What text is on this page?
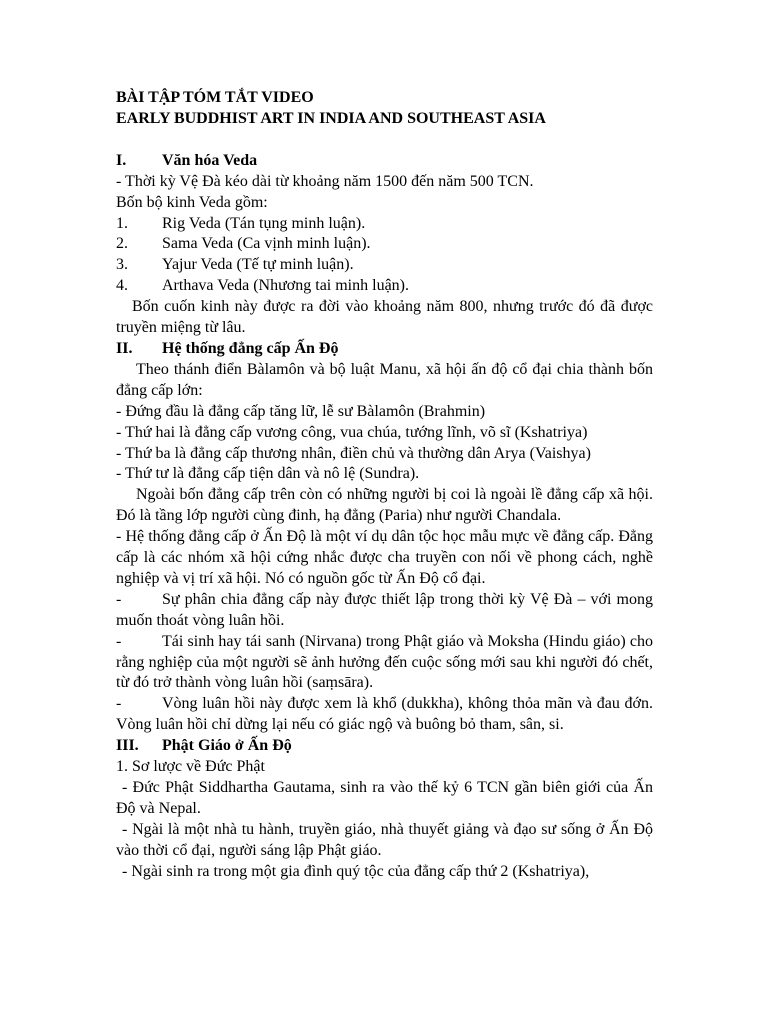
BÀI TẬP TÓM TẮT VIDEO

EARLY BUDDHIST ART IN INDIA AND SOUTHEAST ASIA

I.	Văn hóa Veda

- Thời kỳ Vệ Đà kéo dài từ khoảng năm 1500 đến năm 500 TCN.

Bốn bộ kinh Veda gồm:

1.	Rig Veda (Tán tụng minh luận).
2.	Sama Veda (Ca vịnh minh luận).
3.	Yajur Veda (Tế tự minh luận).
4.	Arthava Veda (Nhương tai minh luận).

Bốn cuốn kinh này được ra đời vào khoảng năm 800, nhưng trước đó đã được truyền miệng từ lâu.

II.	Hệ thống đẳng cấp Ấn Độ

Theo thánh điển Bàlamôn và bộ luật Manu, xã hội ấn độ cổ đại chia thành bốn đẳng cấp lớn:

- Đứng đầu là đẳng cấp tăng lữ, lễ sư Bàlamôn (Brahmin)

- Thứ hai là đẳng cấp vương công, vua chúa, tướng lĩnh, võ sĩ (Kshatriya)

- Thứ ba là đẳng cấp thương nhân, điền chủ và thường dân Arya (Vaishya)

- Thứ tư là đẳng cấp tiện dân và nô lệ (Sundra).

Ngoài bốn đẳng cấp trên còn có những người bị coi là ngoài lề đẳng cấp xã hội. Đó là tầng lớp người cùng đinh, hạ đẳng (Paria) như người Chandala.

- Hệ thống đẳng cấp ở Ấn Độ là một ví dụ dân tộc học mẫu mực về đẳng cấp. Đẳng cấp là các nhóm xã hội cứng nhắc được cha truyền con nối về phong cách, nghề nghiệp và vị trí xã hội. Nó có nguồn gốc từ Ấn Độ cổ đại.

-	Sự phân chia đẳng cấp này được thiết lập trong thời kỳ Vệ Đà – với mong muốn thoát vòng luân hồi.
-	Tái sinh hay tái sanh (Nirvana) trong Phật giáo và Moksha (Hindu giáo) cho rằng nghiệp của một người sẽ ảnh hưởng đến cuộc sống mới sau khi người đó chết, từ đó trở thành vòng luân hồi (saṃsāra).
-	Vòng luân hồi này được xem là khổ (dukkha), không thỏa mãn và đau đớn. Vòng luân hồi chỉ dừng lại nếu có giác ngộ và buông bỏ tham, sân, si.
III.	Phật Giáo ở Ấn Độ

1. Sơ lược về Đức Phật

- Đức Phật Siddhartha Gautama, sinh ra vào thế kỷ 6 TCN gần biên giới của Ấn Độ và Nepal.

- Ngài là một nhà tu hành, truyền giáo, nhà thuyết giảng và đạo sư sống ở Ấn Độ vào thời cổ đại, người sáng lập Phật giáo.

- Ngài sinh ra trong một gia đình quý tộc của đẳng cấp thứ 2 (Kshatriya),
